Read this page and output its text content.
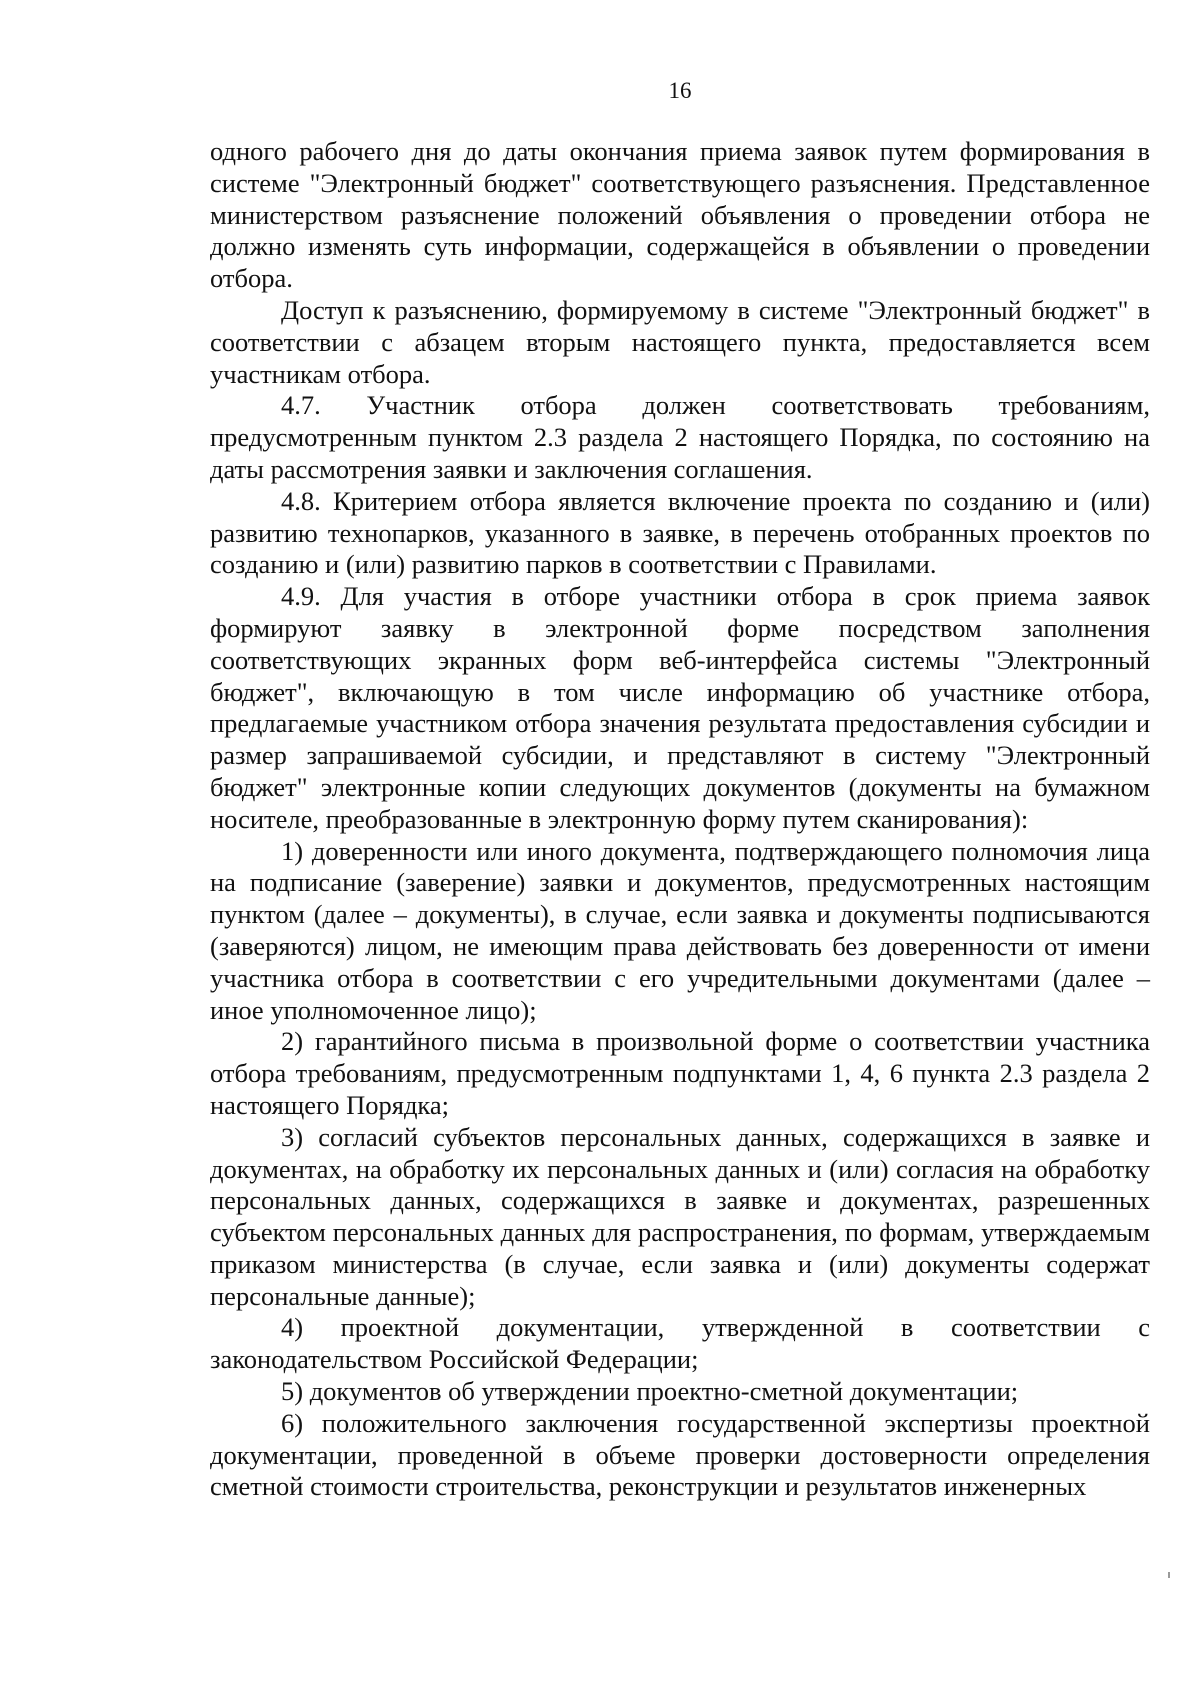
16

одного рабочего дня до даты окончания приема заявок путем формирования в системе "Электронный бюджет" соответствующего разъяснения. Представленное министерством разъяснение положений объявления о проведении отбора не должно изменять суть информации, содержащейся в объявлении о проведении отбора.

Доступ к разъяснению, формируемому в системе "Электронный бюджет" в соответствии с абзацем вторым настоящего пункта, предоставляется всем участникам отбора.

4.7. Участник отбора должен соответствовать требованиям, предусмотренным пунктом 2.3 раздела 2 настоящего Порядка, по состоянию на даты рассмотрения заявки и заключения соглашения.

4.8. Критерием отбора является включение проекта по созданию и (или) развитию технопарков, указанного в заявке, в перечень отобранных проектов по созданию и (или) развитию парков в соответствии с Правилами.

4.9. Для участия в отборе участники отбора в срок приема заявок формируют заявку в электронной форме посредством заполнения соответствующих экранных форм веб-интерфейса системы "Электронный бюджет", включающую в том числе информацию об участнике отбора, предлагаемые участником отбора значения результата предоставления субсидии и размер запрашиваемой субсидии, и представляют в систему "Электронный бюджет" электронные копии следующих документов (документы на бумажном носителе, преобразованные в электронную форму путем сканирования):

1) доверенности или иного документа, подтверждающего полномочия лица на подписание (заверение) заявки и документов, предусмотренных настоящим пунктом (далее – документы), в случае, если заявка и документы подписываются (заверяются) лицом, не имеющим права действовать без доверенности от имени участника отбора в соответствии с его учредительными документами (далее – иное уполномоченное лицо);

2) гарантийного письма в произвольной форме о соответствии участника отбора требованиям, предусмотренным подпунктами 1, 4, 6 пункта 2.3 раздела 2 настоящего Порядка;

3) согласий субъектов персональных данных, содержащихся в заявке и документах, на обработку их персональных данных и (или) согласия на обработку персональных данных, содержащихся в заявке и документах, разрешенных субъектом персональных данных для распространения, по формам, утверждаемым приказом министерства (в случае, если заявка и (или) документы содержат персональные данные);

4) проектной документации, утвержденной в соответствии с законодательством Российской Федерации;

5) документов об утверждении проектно-сметной документации;

6) положительного заключения государственной экспертизы проектной документации, проведенной в объеме проверки достоверности определения сметной стоимости строительства, реконструкции и результатов инженерных
